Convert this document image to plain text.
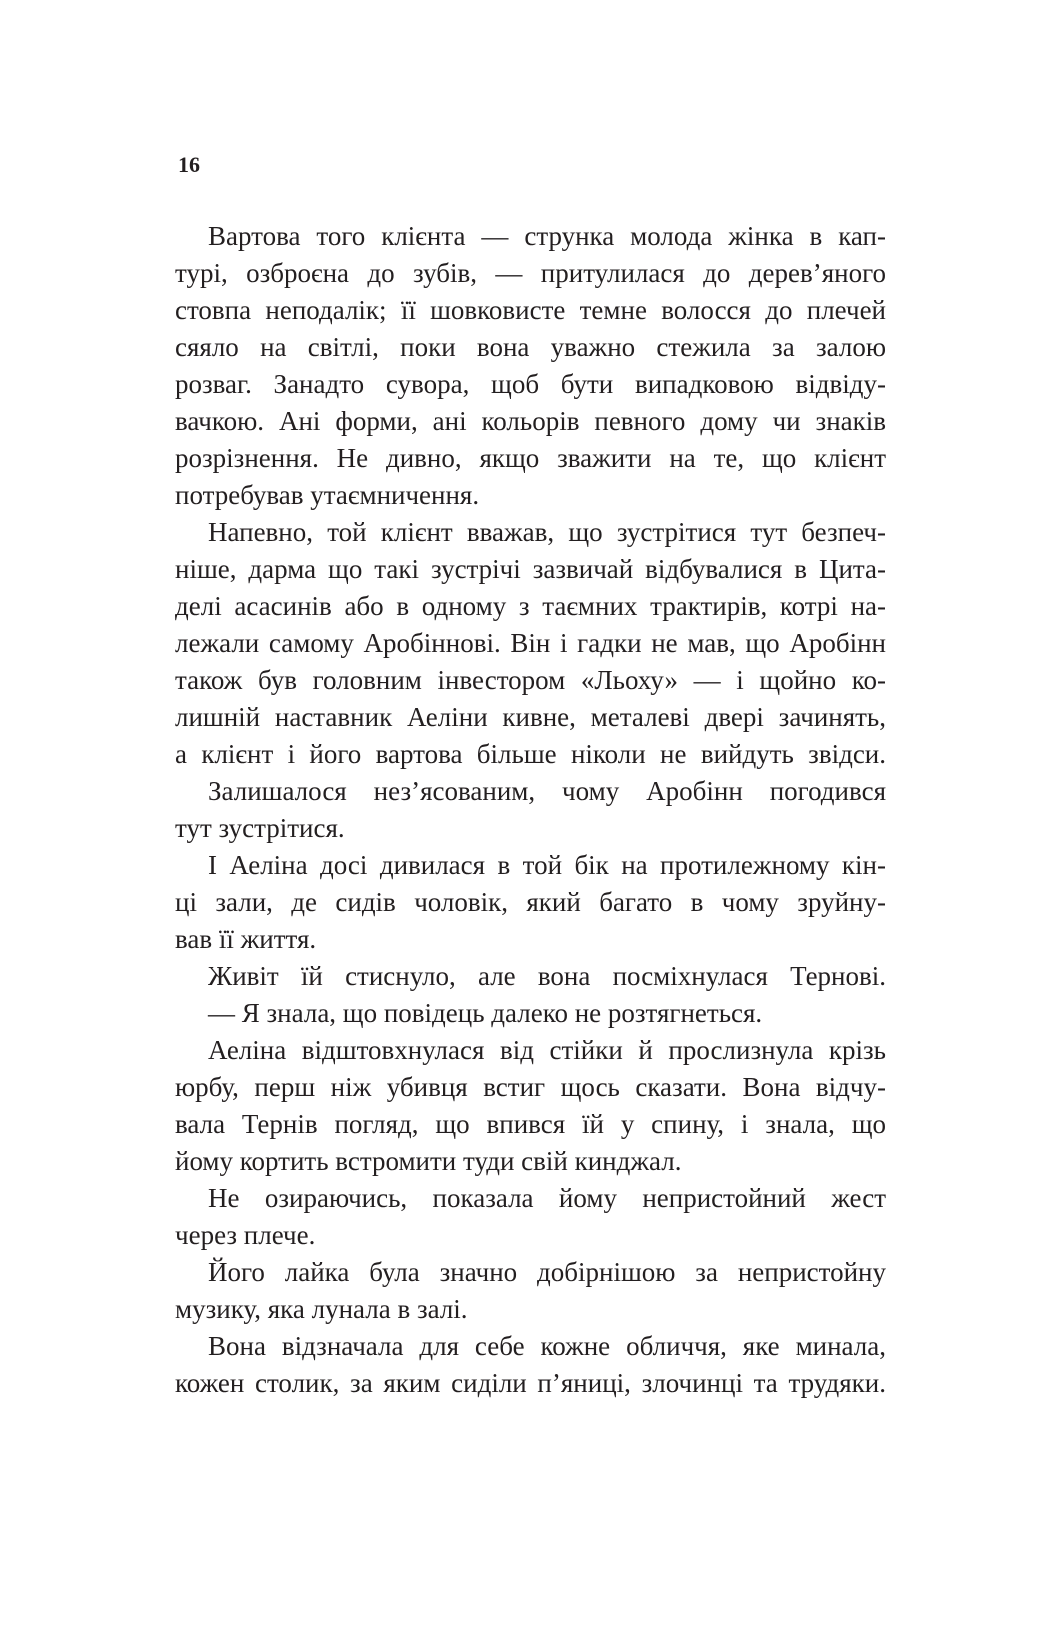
16
Вартова того клієнта — струнка молода жінка в кап-
турі, озброєна до зубів, — притулилася до дерев’яного
стовпа неподалік; її шовковисте темне волосся до плечей
сяяло на світлі, поки вона уважно стежила за залою
розваг. Занадто сувора, щоб бути випадковою відвіду-
вачкою. Ані форми, ані кольорів певного дому чи знаків
розрізнення. Не дивно, якщо зважити на те, що клієнт
потребував утаємничення.
Напевно, той клієнт вважав, що зустрітися тут безпеч-
ніше, дарма що такі зустрічі зазвичай відбувалися в Цита-
делі асасинів або в одному з таємних трактирів, котрі на-
лежали самому Аробіннові. Він і гадки не мав, що Аробінн
також був головним інвестором «Льоху» — і щойно ко-
лишній наставник Аеліни кивне, металеві двері зачинять,
а клієнт і його вартова більше ніколи не вийдуть звідси.
Залишалося нез’ясованим, чому Аробінн погодився
тут зустрітися.
І Аеліна досі дивилася в той бік на протилежному кін-
ці зали, де сидів чоловік, який багато в чому зруйну-
вав її життя.
Живіт їй стиснуло, але вона посміхнулася Тернові.
— Я знала, що повідець далеко не розтягнеться.
Аеліна відштовхнулася від стійки й прослизнула крізь
юрбу, перш ніж убивця встиг щось сказати. Вона відчу-
вала Тернів погляд, що впився їй у спину, і знала, що
йому кортить встромити туди свій кинджал.
Не озираючись, показала йому непристойний жест
через плече.
Його лайка була значно добірнішою за непристойну
музику, яка лунала в залі.
Вона відзначала для себе кожне обличчя, яке минала,
кожен столик, за яким сиділи п’яниці, злочинці та трудяки.
